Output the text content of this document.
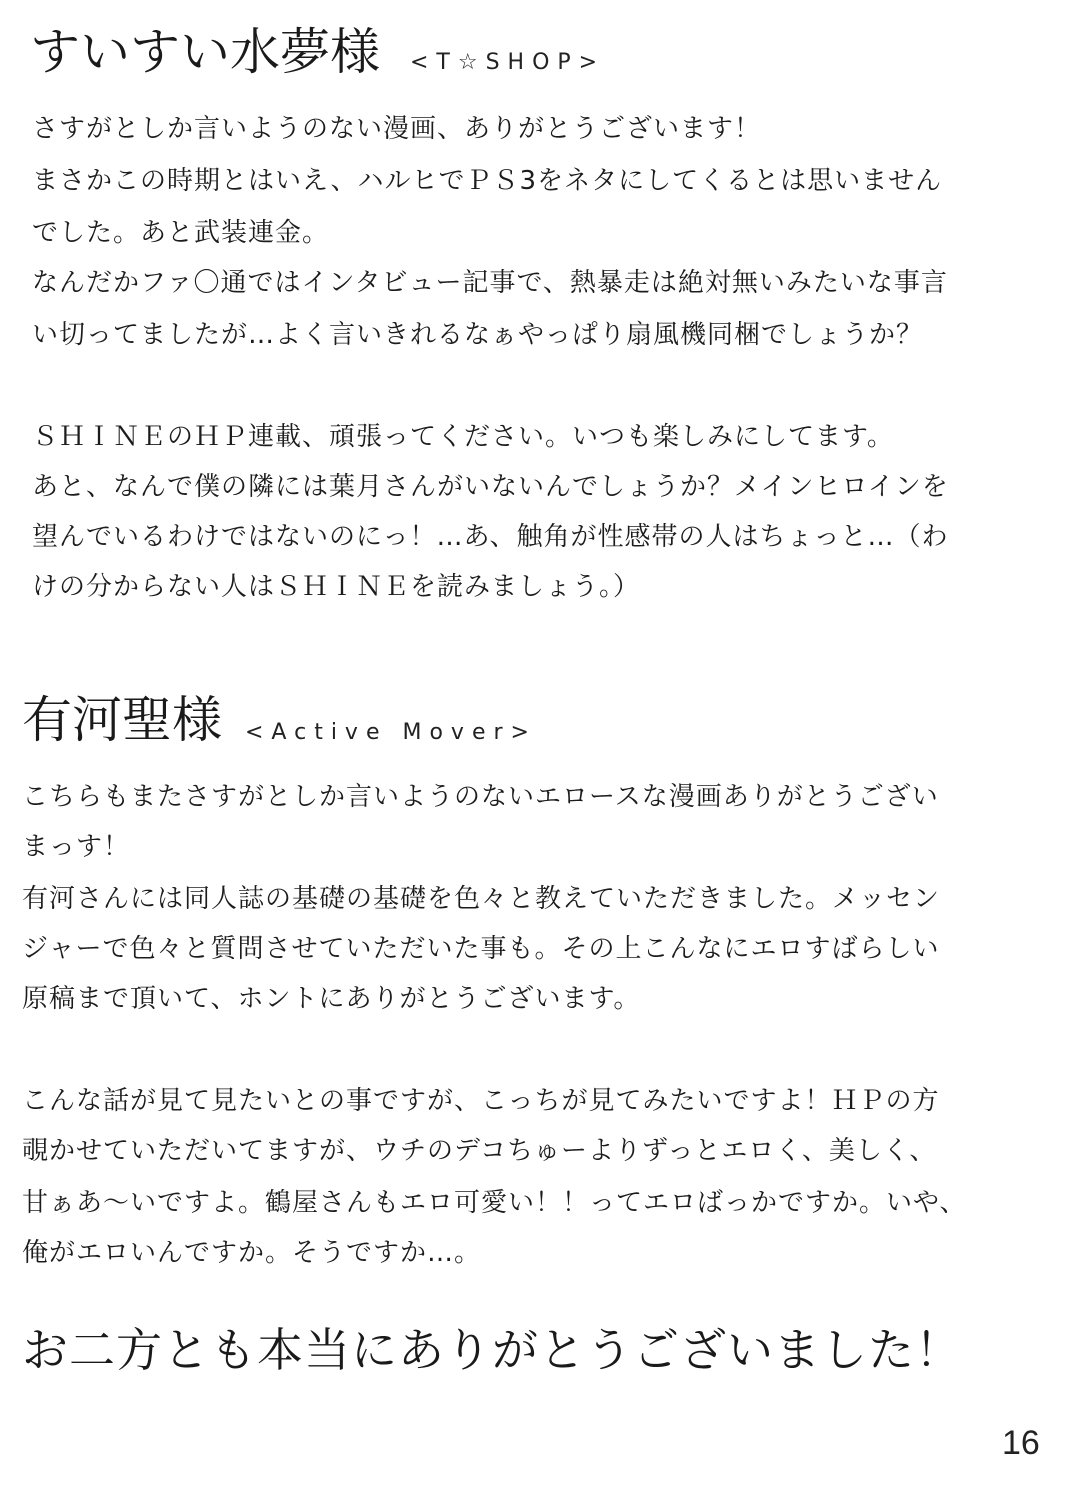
すいすい水夢様 <T☆SHOP>
さすがとしか言いようのない漫画、ありがとうございます！
まさかこの時期とはいえ、ハルヒでＰＳ3をネタにしてくるとは思いません
でした。あと武装連金。
なんだかファ〇通ではインタビュー記事で、熱暴走は絶対無いみたいな事言
い切ってましたが…よく言いきれるなぁやっぱり扇風機同梱でしょうか？
ＳＨＩＮＥのＨＰ連載、頑張ってください。いつも楽しみにしてます。
あと、なんで僕の隣には葉月さんがいないんでしょうか？メインヒロインを
望んでいるわけではないのにっ！…あ、触角が性感帯の人はちょっと…（わ
けの分からない人はＳＨＩＮＥを読みましょう。）
有河聖様 <Active Mover>
こちらもまたさすがとしか言いようのないエロースな漫画ありがとうござい
まっす！
有河さんには同人誌の基礎の基礎を色々と教えていただきました。メッセン
ジャーで色々と質問させていただいた事も。その上こんなにエロすばらしい
原稿まで頂いて、ホントにありがとうございます。
こんな話が見て見たいとの事ですが、こっちが見てみたいですよ！ＨＰの方
覗かせていただいてますが、ウチのデコちゅーよりずっとエロく、美しく、
甘ぁあ～いですよ。鶴屋さんもエロ可愛い！！ってエロばっかですか。いや、
俺がエロいんですか。そうですか…。
お二方とも本当にありがとうございました！
16
